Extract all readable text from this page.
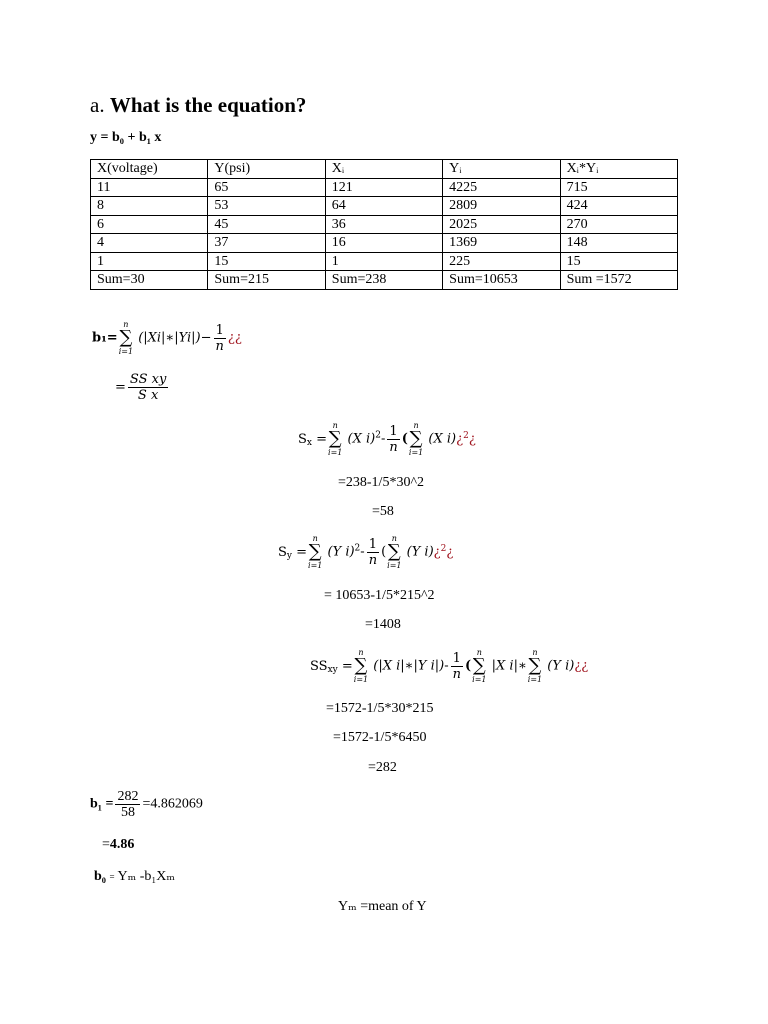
a. What is the equation?
y = b₀ + b₁ x
X(voltage)	Y(psi)	Xᵢ	Yᵢ	Xᵢ*Yᵢ
11	65	121	4225	715
8	53	64	2809	424
6	45	36	2025	270
4	37	16	1369	148
1	15	1	225	15
Sum=30	Sum=215	Sum=238	Sum=10653	Sum =1572
b₁=
n
∑
i=1
(|Xi|∗|Yi|)− $\frac{1}{n}$ ¿¿
= $\frac{\text{SS xy}}{\text{S x}}$
$S_x$ =
n
∑
i=1
(X $i)^2- \frac{1}{n}$ (
n
∑
i=1
(X i)¿$^2$¿
=238-1/5*30^2
=58
$S_y$ =
n
∑
i=1
(Y $i)^2- \frac{1}{n}$ (
n
∑
i=1
(Y i)¿$^2$¿
= 10653-1/5*215^2
=1408
$SS_{xy}$ =
n
∑
i=1
(|X i|∗|Y $i|)- \frac{1}{n}$ (
n
∑
i=1
|X i|∗
n
∑
i=1
(Y i)¿¿
=1572-1/5*30*215
=1572-1/5*6450
=282
$b_1 = \frac{282}{58} =4.862069$
=4.86
b₀ = Yₘ -b₁Xₘ
Yₘ =mean of Y
